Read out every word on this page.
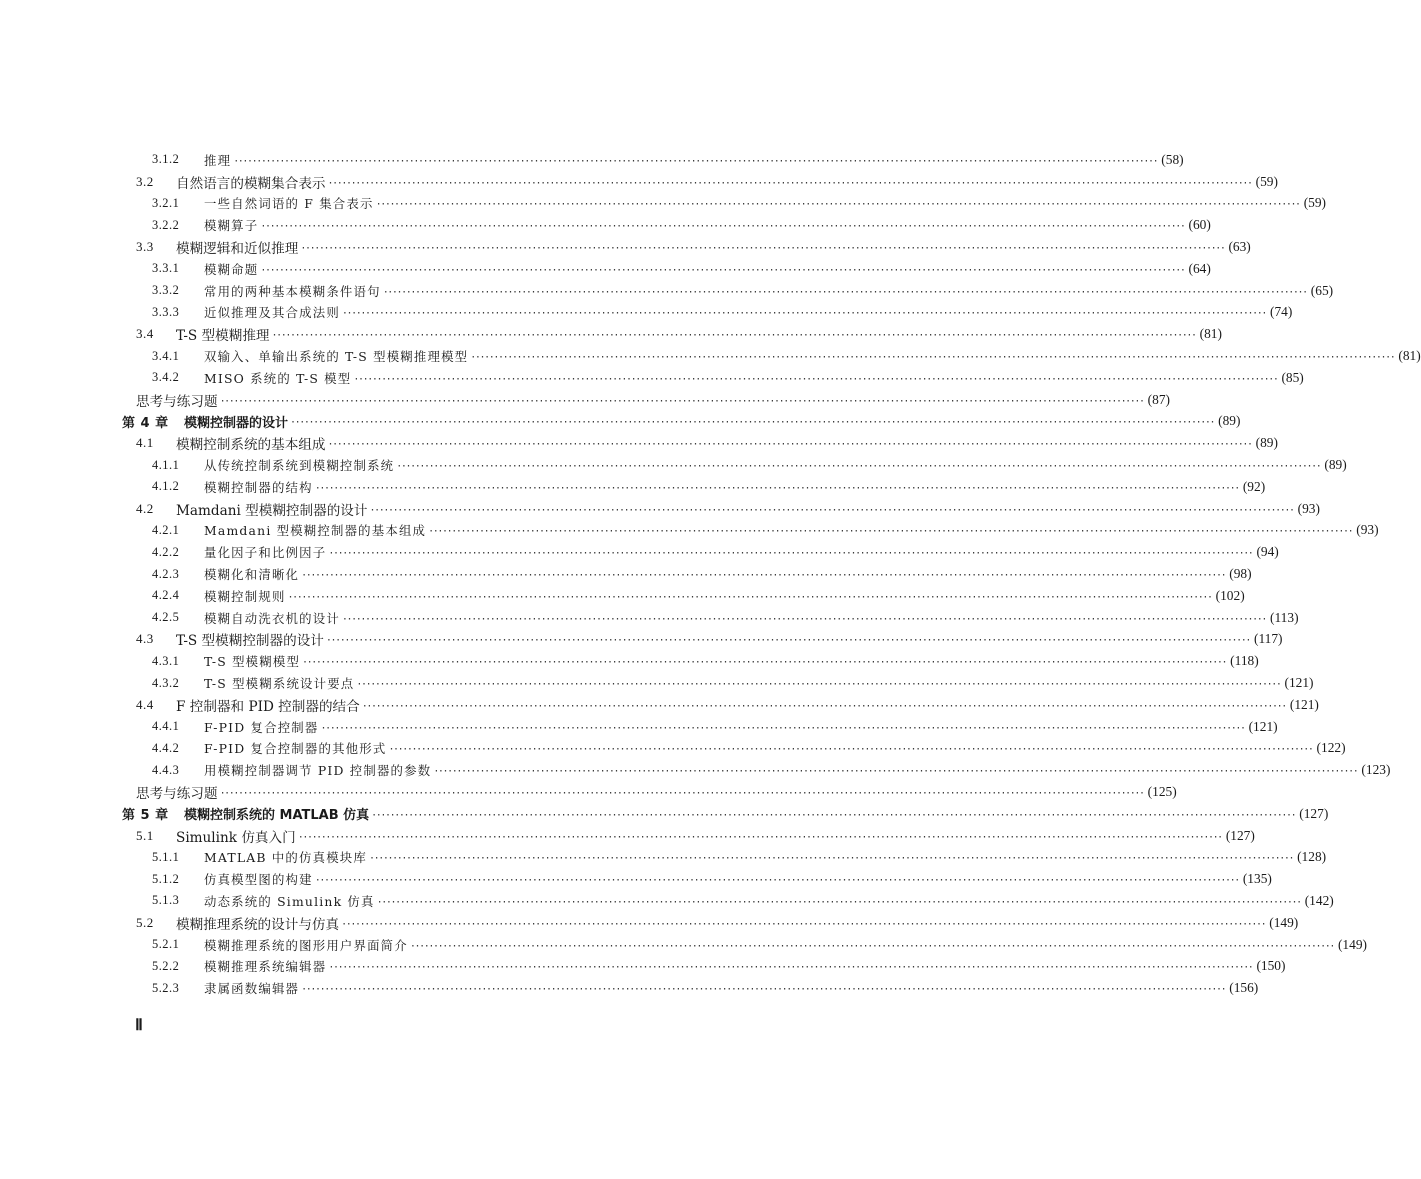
3.1.2	推理 ········································································································································································································ (58)
3.2	自然语言的模糊集合表示 ········································································································································································································ (59)
3.2.1	一些自然词语的 F 集合表示 ········································································································································································································ (59)
3.2.2	模糊算子 ········································································································································································································ (60)
3.3	模糊逻辑和近似推理 ········································································································································································································ (63)
3.3.1	模糊命题 ········································································································································································································ (64)
3.3.2	常用的两种基本模糊条件语句 ········································································································································································································ (65)
3.3.3	近似推理及其合成法则 ········································································································································································································ (74)
3.4	T-S 型模糊推理 ········································································································································································································ (81)
3.4.1	双输入、单输出系统的 T-S 型模糊推理模型 ········································································································································································································ (81)
3.4.2	MISO 系统的 T-S 模型 ········································································································································································································ (85)
思考与练习题 ········································································································································································································ (87)
第 4 章	模糊控制器的设计 ········································································································································································································ (89)
4.1	模糊控制系统的基本组成 ········································································································································································································ (89)
4.1.1	从传统控制系统到模糊控制系统 ········································································································································································································ (89)
4.1.2	模糊控制器的结构 ········································································································································································································ (92)
4.2	Mamdani 型模糊控制器的设计 ········································································································································································································ (93)
4.2.1	Mamdani 型模糊控制器的基本组成 ········································································································································································································ (93)
4.2.2	量化因子和比例因子 ········································································································································································································ (94)
4.2.3	模糊化和清晰化 ········································································································································································································ (98)
4.2.4	模糊控制规则 ········································································································································································································ (102)
4.2.5	模糊自动洗衣机的设计 ········································································································································································································ (113)
4.3	T-S 型模糊控制器的设计 ········································································································································································································ (117)
4.3.1	T-S 型模糊模型 ········································································································································································································ (118)
4.3.2	T-S 型模糊系统设计要点 ········································································································································································································ (121)
4.4	F 控制器和 PID 控制器的结合 ········································································································································································································ (121)
4.4.1	F-PID 复合控制器 ········································································································································································································ (121)
4.4.2	F-PID 复合控制器的其他形式 ········································································································································································································ (122)
4.4.3	用模糊控制器调节 PID 控制器的参数 ········································································································································································································ (123)
思考与练习题 ········································································································································································································ (125)
第 5 章	模糊控制系统的 MATLAB 仿真 ········································································································································································································ (127)
5.1	Simulink 仿真入门 ········································································································································································································ (127)
5.1.1	MATLAB 中的仿真模块库 ········································································································································································································ (128)
5.1.2	仿真模型图的构建 ········································································································································································································ (135)
5.1.3	动态系统的 Simulink 仿真 ········································································································································································································ (142)
5.2	模糊推理系统的设计与仿真 ········································································································································································································ (149)
5.2.1	模糊推理系统的图形用户界面简介 ········································································································································································································ (149)
5.2.2	模糊推理系统编辑器 ········································································································································································································ (150)
5.2.3	隶属函数编辑器 ········································································································································································································ (156)
Ⅱ
